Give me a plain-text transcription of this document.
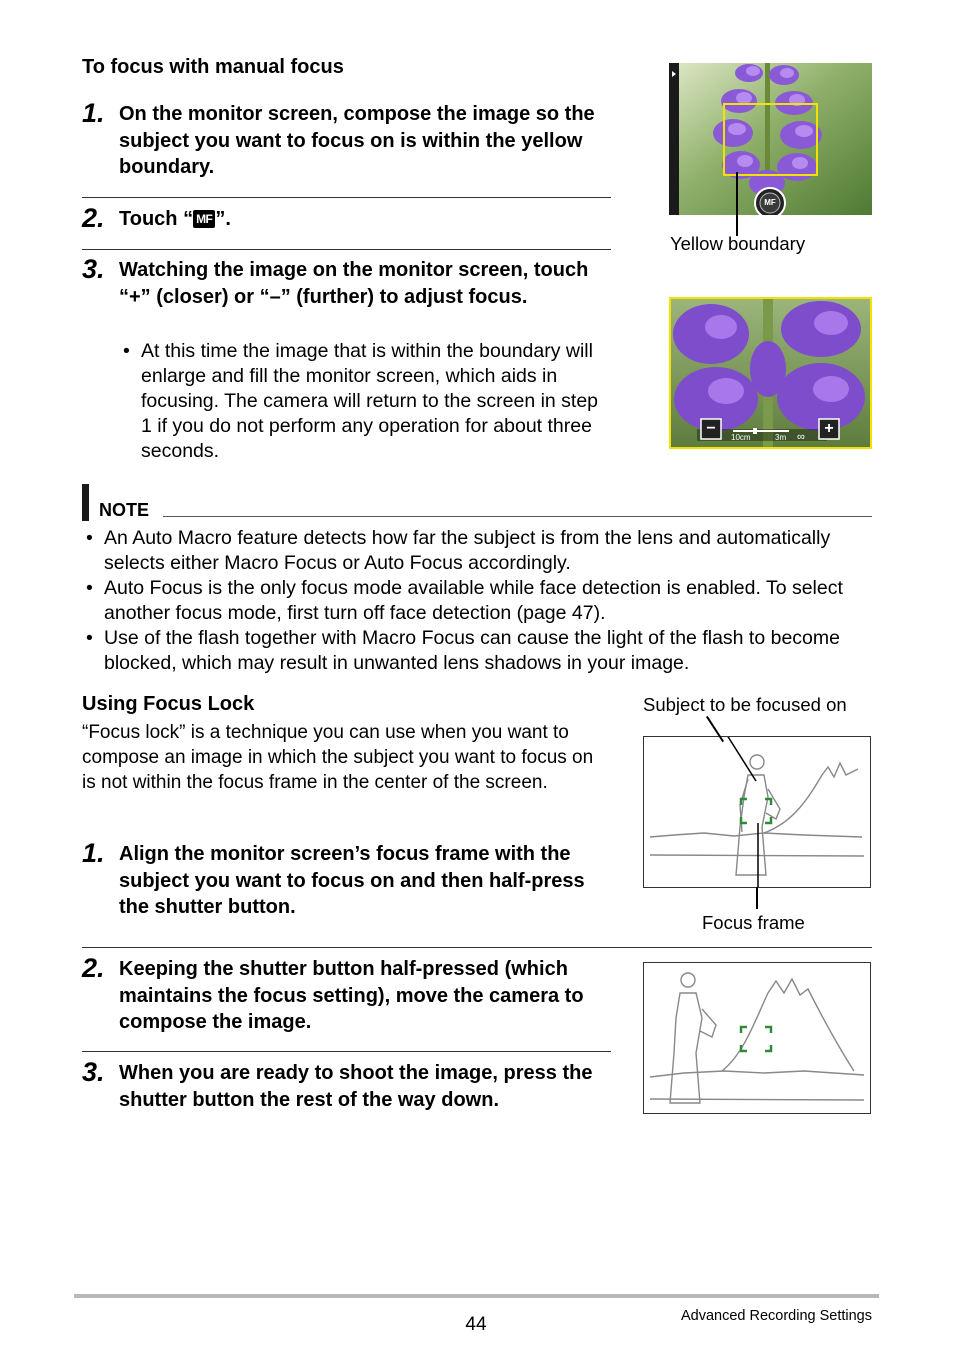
To focus with manual focus
1. On the monitor screen, compose the image so the subject you want to focus on is within the yellow boundary.
2. Touch “ MF ”.
3. Watching the image on the monitor screen, touch “+” (closer) or “–” (further) to adjust focus.
• At this time the image that is within the boundary will enlarge and fill the monitor screen, which aids in focusing. The camera will return to the screen in step 1 if you do not perform any operation for about three seconds.
MF
Yellow boundary
−	+
10cm	3m ∞
NOTE
• An Auto Macro feature detects how far the subject is from the lens and automatically selects either Macro Focus or Auto Focus accordingly.
• Auto Focus is the only focus mode available while face detection is enabled. To select another focus mode, first turn off face detection (page 47).
• Use of the flash together with Macro Focus can cause the light of the flash to become blocked, which may result in unwanted lens shadows in your image.
Using Focus Lock
“Focus lock” is a technique you can use when you want to compose an image in which the subject you want to focus on is not within the focus frame in the center of the screen.
1. Align the monitor screen’s focus frame with the subject you want to focus on and then half-press the shutter button.
2. Keeping the shutter button half-pressed (which maintains the focus setting), move the camera to compose the image.
3. When you are ready to shoot the image, press the shutter button the rest of the way down.
Subject to be focused on
Focus frame
44	Advanced Recording Settings
